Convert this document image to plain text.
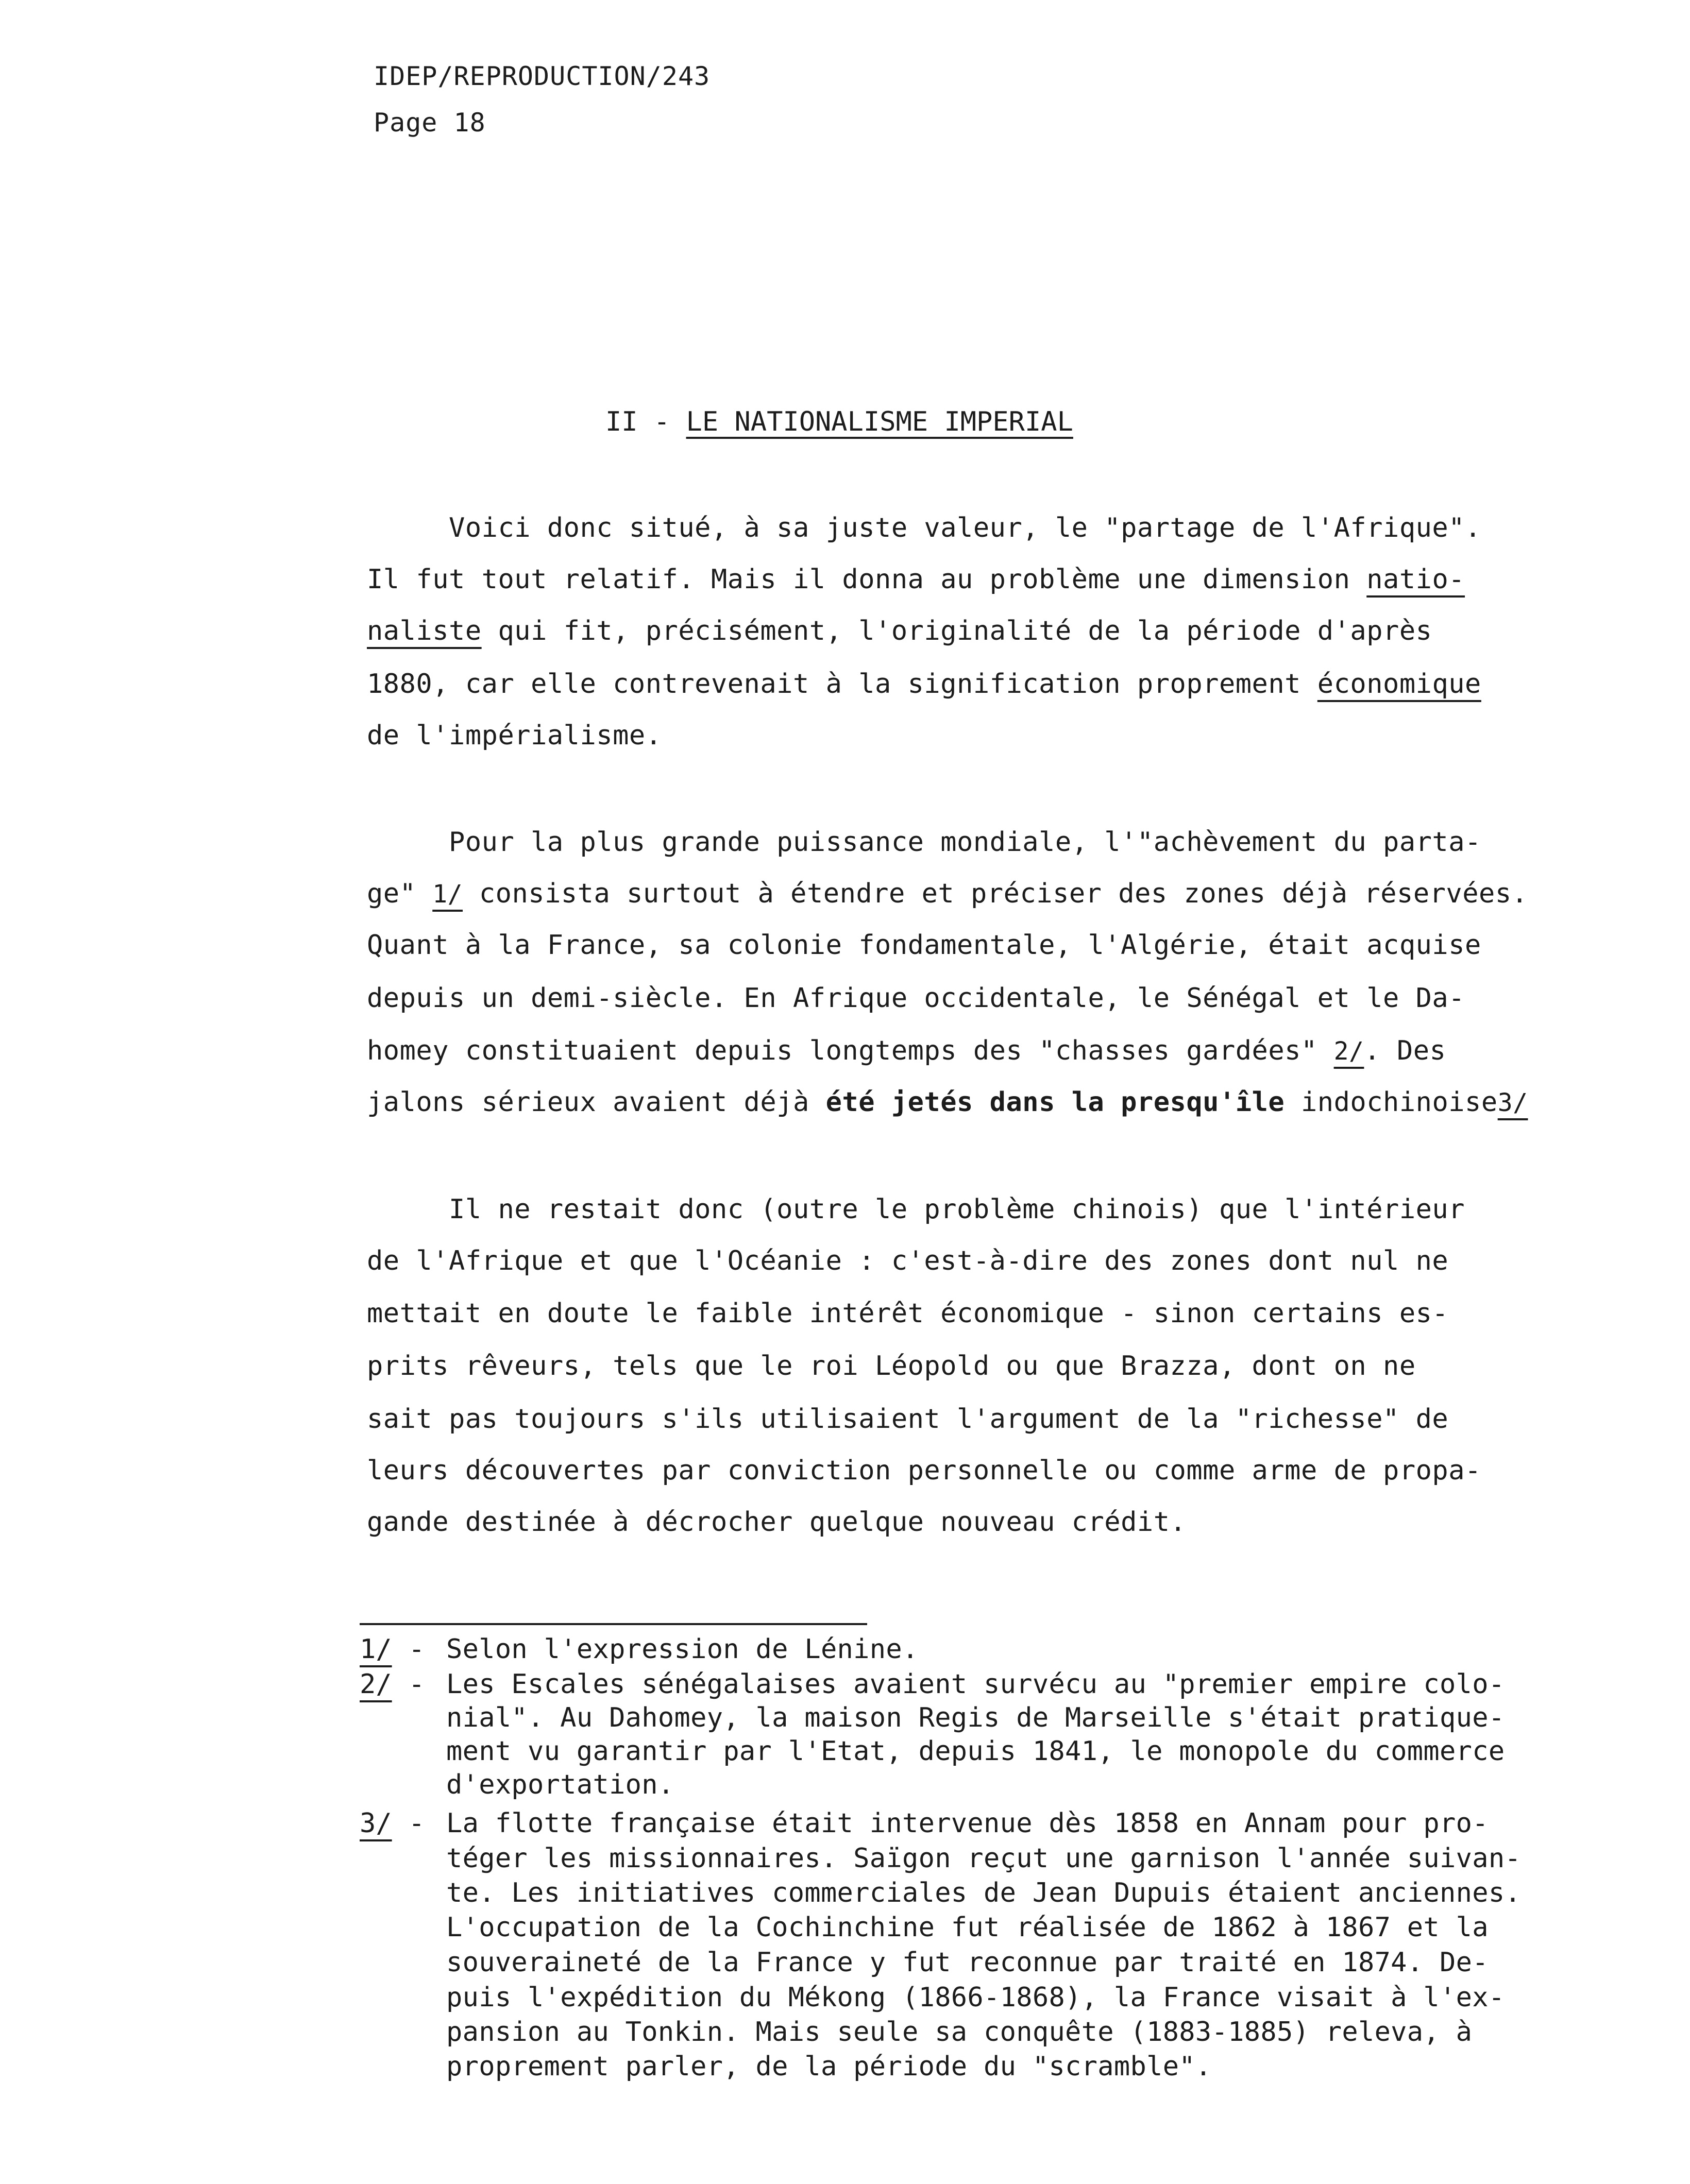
IDEP/REPRODUCTION/243
Page 18
II - LE NATIONALISME IMPERIAL
Voici donc situé, à sa juste valeur, le "partage de l'Afrique".
Il fut tout relatif. Mais il donna au problème une dimension natio-
naliste qui fit, précisément, l'originalité de la période d'après
1880, car elle contrevenait à la signification proprement économique
de l'impérialisme.
Pour la plus grande puissance mondiale, l'"achèvement du parta-
ge" 1/ consista surtout à étendre et préciser des zones déjà réservées.
Quant à la France, sa colonie fondamentale, l'Algérie, était acquise
depuis un demi-siècle. En Afrique occidentale, le Sénégal et le Da-
homey constituaient depuis longtemps des "chasses gardées" 2/. Des
jalons sérieux avaient déjà été jetés dans la presqu'île indochinoise3/
Il ne restait donc (outre le problème chinois) que l'intérieur
de l'Afrique et que l'Océanie : c'est-à-dire des zones dont nul ne
mettait en doute le faible intérêt économique - sinon certains es-
prits rêveurs, tels que le roi Léopold ou que Brazza, dont on ne
sait pas toujours s'ils utilisaient l'argument de la "richesse" de
leurs découvertes par conviction personnelle ou comme arme de propa-
gande destinée à décrocher quelque nouveau crédit.
1/ - Selon l'expression de Lénine.
2/ - Les Escales sénégalaises avaient survécu au "premier empire colo-
nial". Au Dahomey, la maison Regis de Marseille s'était pratique-
ment vu garantir par l'Etat, depuis 1841, le monopole du commerce
d'exportation.
3/ - La flotte française était intervenue dès 1858 en Annam pour pro-
téger les missionnaires. Saïgon reçut une garnison l'année suivan-
te. Les initiatives commerciales de Jean Dupuis étaient anciennes.
L'occupation de la Cochinchine fut réalisée de 1862 à 1867 et la
souveraineté de la France y fut reconnue par traité en 1874. De-
puis l'expédition du Mékong (1866-1868), la France visait à l'ex-
pansion au Tonkin. Mais seule sa conquête (1883-1885) releva, à
proprement parler, de la période du "scramble".
